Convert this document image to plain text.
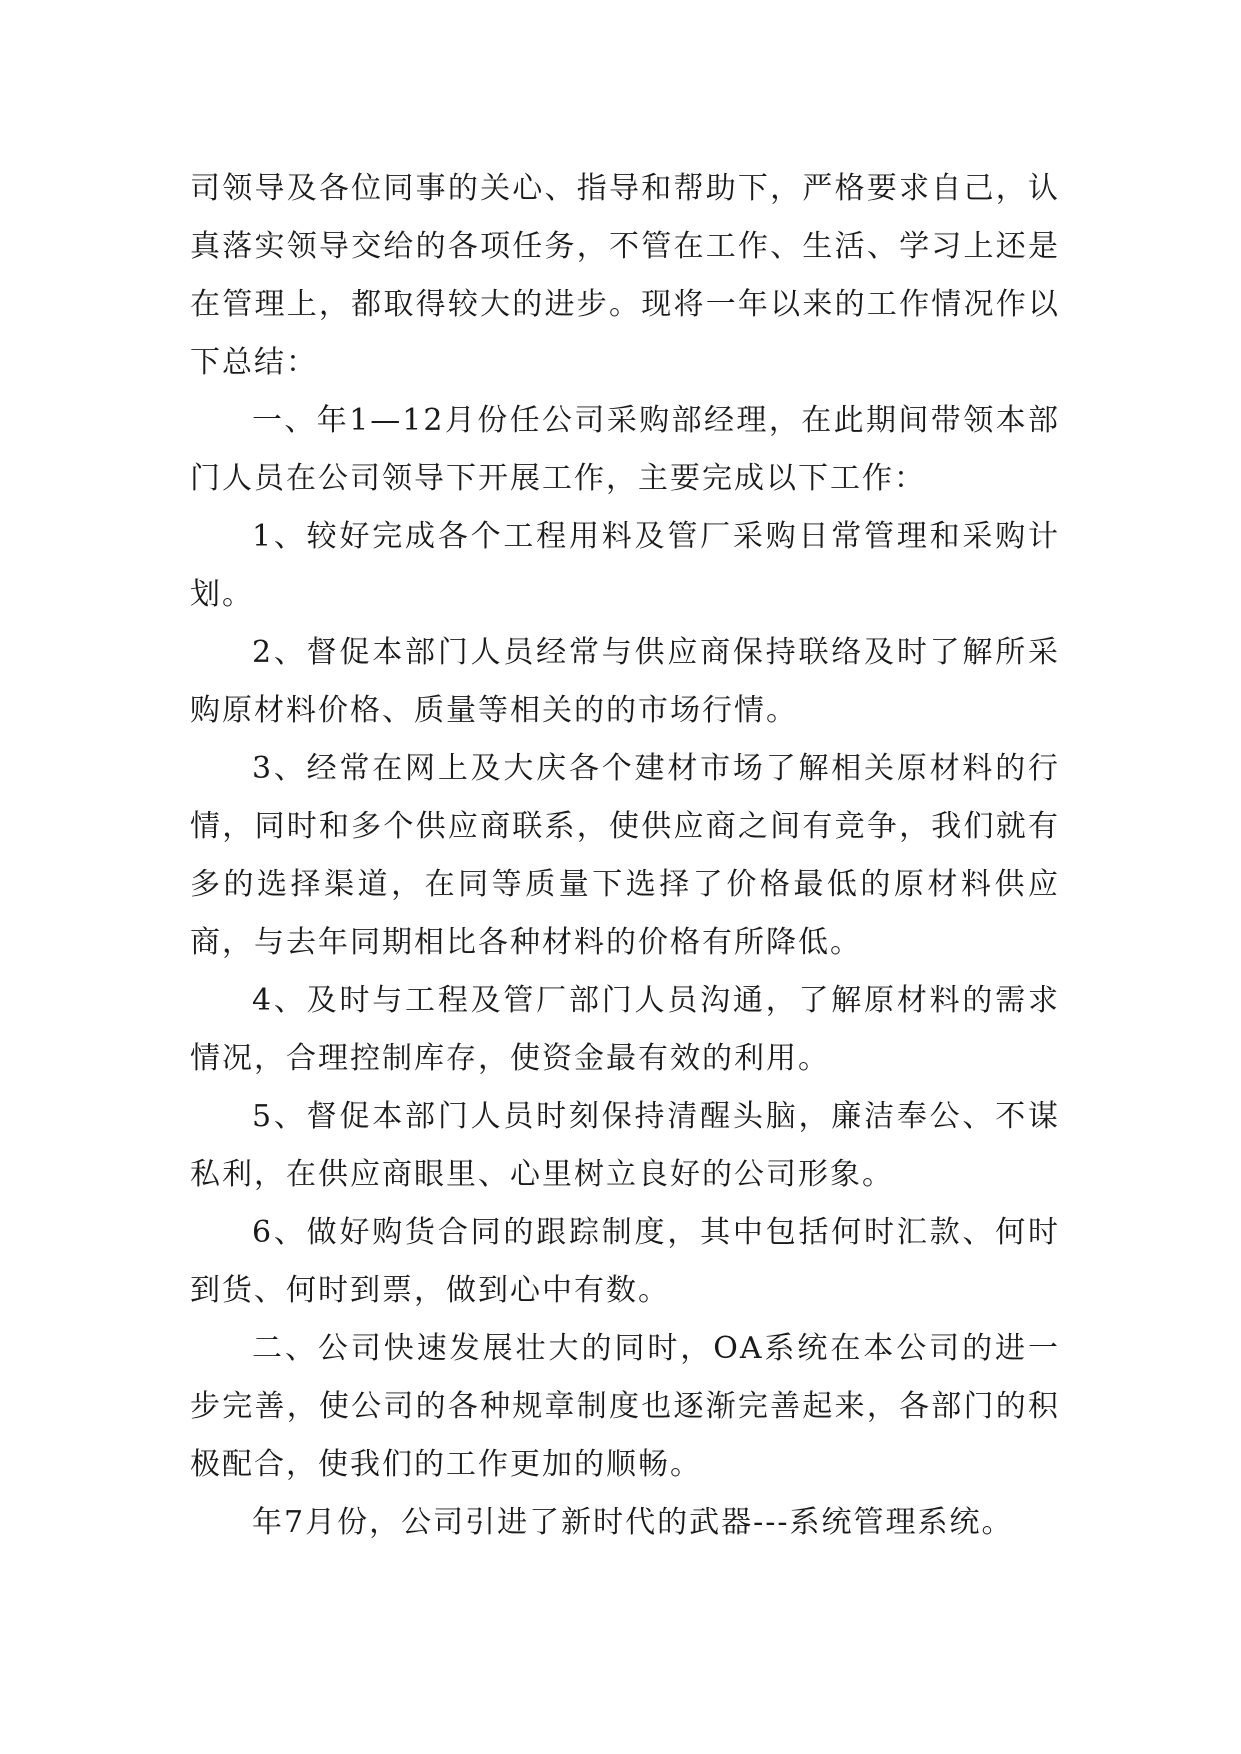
司领导及各位同事的关心、指导和帮助下，严格要求自己，认真落实领导交给的各项任务，不管在工作、生活、学习上还是在管理上，都取得较大的进步。现将一年以来的工作情况作以下总结：

一、年1—12月份任公司采购部经理，在此期间带领本部门人员在公司领导下开展工作，主要完成以下工作：

1、较好完成各个工程用料及管厂采购日常管理和采购计划。

2、督促本部门人员经常与供应商保持联络及时了解所采购原材料价格、质量等相关的的市场行情。

3、经常在网上及大庆各个建材市场了解相关原材料的行情，同时和多个供应商联系，使供应商之间有竞争，我们就有多的选择渠道，在同等质量下选择了价格最低的原材料供应商，与去年同期相比各种材料的价格有所降低。

4、及时与工程及管厂部门人员沟通，了解原材料的需求情况，合理控制库存，使资金最有效的利用。

5、督促本部门人员时刻保持清醒头脑，廉洁奉公、不谋私利，在供应商眼里、心里树立良好的公司形象。

6、做好购货合同的跟踪制度，其中包括何时汇款、何时到货、何时到票，做到心中有数。

二、公司快速发展壮大的同时，OA系统在本公司的进一步完善，使公司的各种规章制度也逐渐完善起来，各部门的积极配合，使我们的工作更加的顺畅。

年7月份，公司引进了新时代的武器---系统管理系统。
